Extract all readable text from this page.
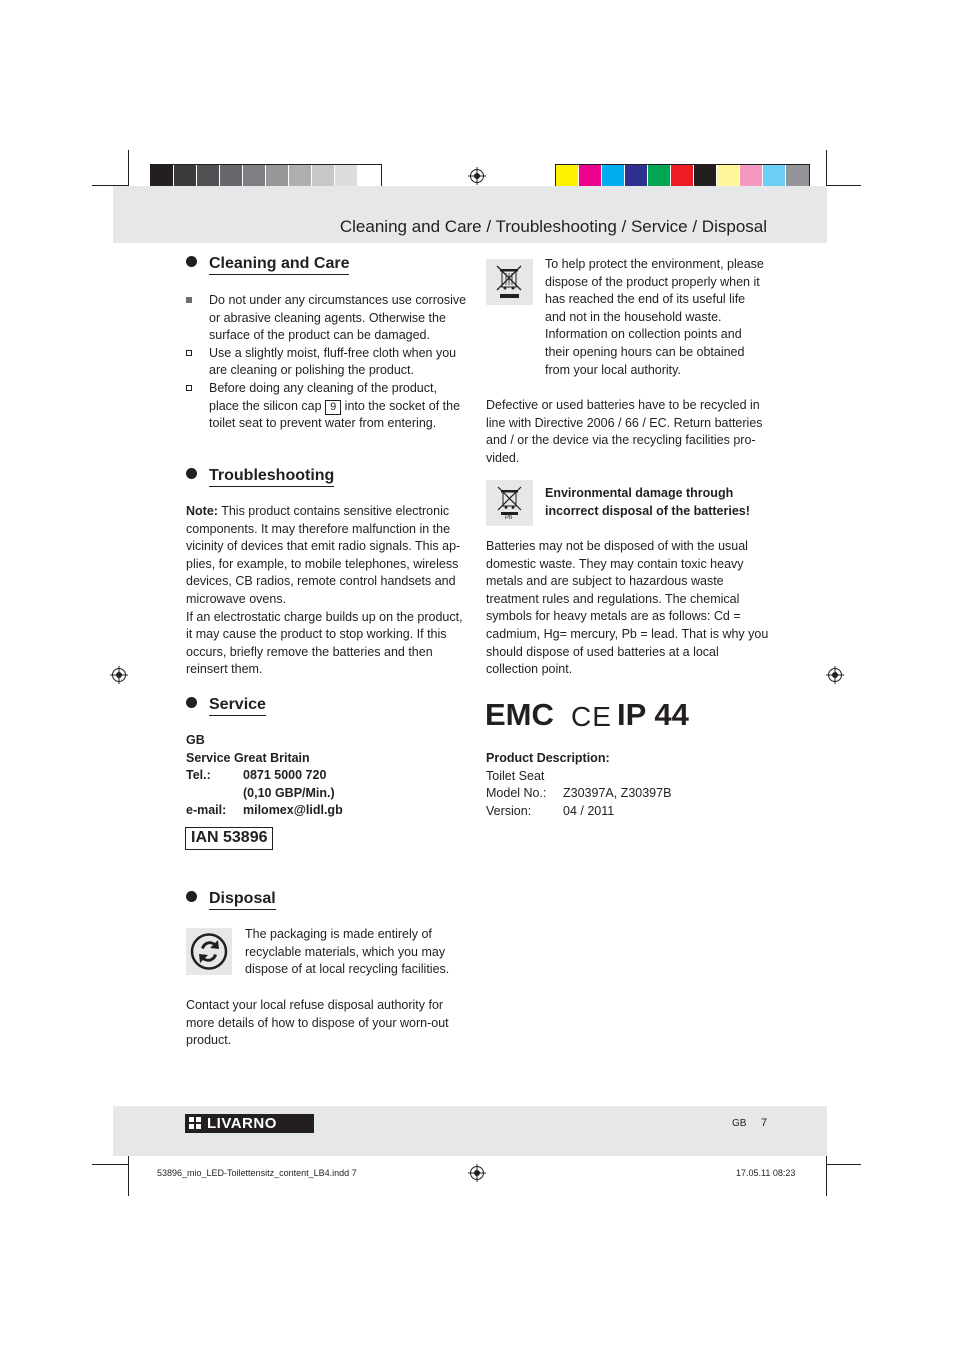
Cleaning and Care / Troubleshooting / Service / Disposal
Cleaning and Care

Do not under any circumstances use corrosive or abrasive cleaning agents. Otherwise the surface of the product can be damaged.

Use a slightly moist, fluff-free cloth when you are cleaning or polishing the product.

Before doing any cleaning of the product, place the silicon cap 9 into the socket of the toilet seat to prevent water from entering.

Troubleshooting

Note: This product contains sensitive electronic components. It may therefore malfunction in the vicinity of devices that emit radio signals. This applies, for example, to mobile telephones, wireless devices, CB radios, remote control handsets and microwave ovens.

If an electrostatic charge builds up on the product, it may cause the product to stop working. If this occurs, briefly remove the batteries and then reinsert them.

Service
GB
Service Great Britain
Tel.:	0871 5000 720
(0,10 GBP/Min.)
e-mail: milomex@lidl.gb
IAN 53896
Disposal
The packaging is made entirely of recyclable materials, which you may dispose of at local recycling facilities.
Contact your local refuse disposal authority for more details of how to dispose of your worn-out product.
To help protect the environment, please dispose of the product properly when it has reached the end of its useful life and not in the household waste. Information on collection points and their opening hours can be obtained from your local authority.
Defective or used batteries have to be recycled in line with Directive 2006 / 66 / EC. Return batteries and / or the device via the recycling facilities provided.
Pb
Environmental damage through incorrect disposal of the batteries!
Batteries may not be disposed of with the usual domestic waste. They may contain toxic heavy metals and are subject to hazardous waste treatment rules and regulations. The chemical symbols for heavy metals are as follows: Cd = cadmium, Hg= mercury, Pb = lead. That is why you should dispose of used batteries at a local collection point.
EMC CE IP 44
Product Description:
Toilet Seat
Model No.: Z30397A, Z30397B
Version:	04 / 2011
LIVARNO	GB 7
53896_mio_LED-Toilettensitz_content_LB4.indd 7	17.05.11 08:23
